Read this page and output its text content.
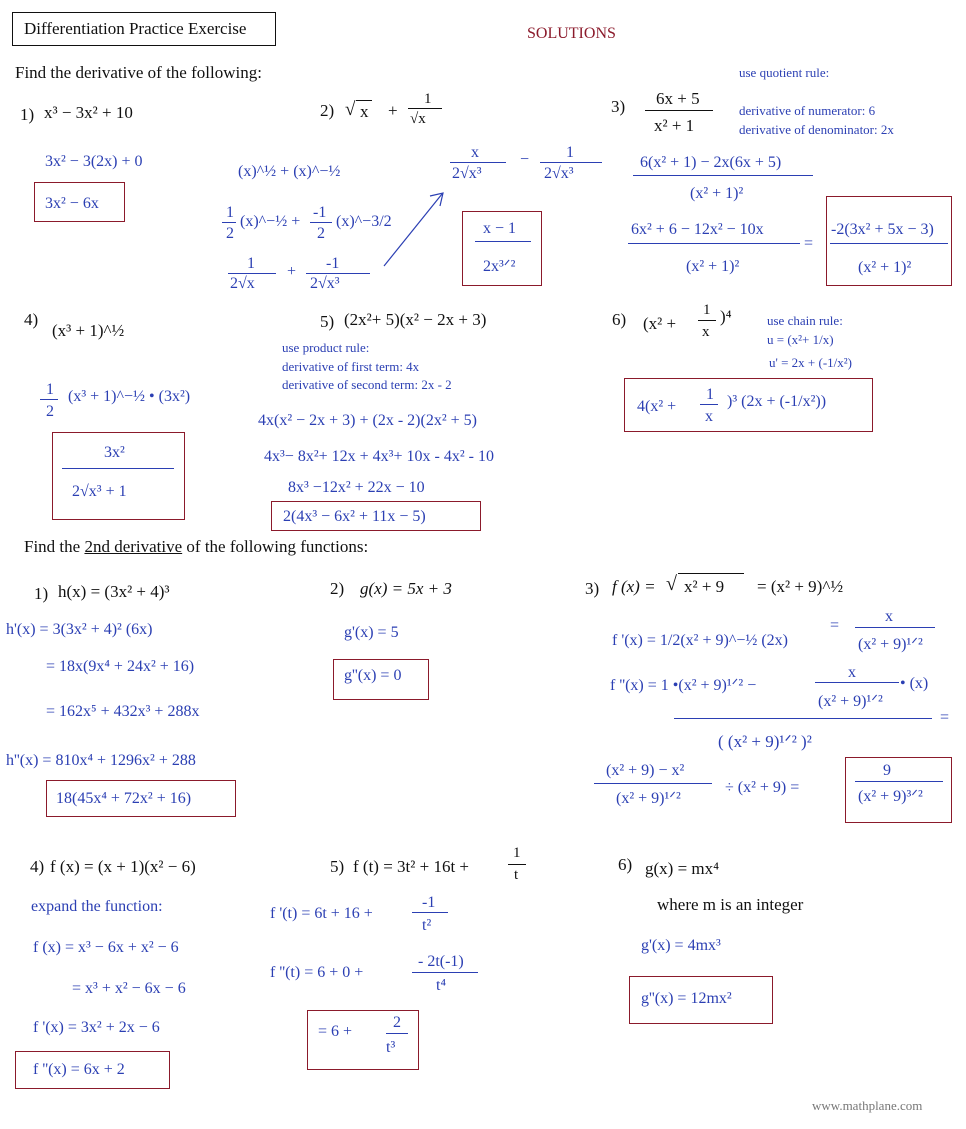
Differentiation Practice Exercise	SOLUTIONS
Find the derivative of the following:
1) x³ − 3x² + 10
3x² − 3(2x) + 0
3x² − 6x
2) √ x +
1
√x
(x)^½ + (x)^−½
1
2
(x)^−½ +
-1
2
(x)^−3/2
1
2√x
+ -1
2√x³
x
2√x³
− 1
2√x³
x − 1
2x³ᐟ²
3) 6x + 5
x² + 1
use quotient rule:
derivative of numerator: 6
derivative of denominator: 2x
6(x² + 1) − 2x(6x + 5)
(x² + 1)²
6x² + 6 − 12x² − 10x
(x² + 1)²
=
-2(3x² + 5x − 3)
(x² + 1)²
4)
(x³ + 1)^½
1
2
(x³ + 1)^−½ • (3x²)
3x²
2√x³ + 1
5) (2x²+ 5)(x² − 2x + 3)
use product rule:
derivative of first term: 4x
derivative of second term: 2x - 2
4x(x² − 2x + 3) + (2x - 2)(2x² + 5)
4x³− 8x²+ 12x + 4x³+ 10x - 4x² - 10
8x³ −12x² + 22x − 10
2(4x³ − 6x² + 11x − 5)
6) (x² +
1
x
)⁴	use chain rule:
u = (x²+ 1/x)
u' = 2x + (-1/x²)
4(x² +
1
x
)³ (2x + (-1/x²))
Find the 2nd derivative of the following functions:
1) h(x) = (3x² + 4)³
h'(x) = 3(3x² + 4)² (6x)
= 18x(9x⁴ + 24x² + 16)
= 162x⁵ + 432x³ + 288x
h''(x) = 810x⁴ + 1296x² + 288
18(45x⁴ + 72x² + 16)
2) g(x) = 5x + 3
g'(x) = 5
g''(x) = 0
3) f (x) = √ x² + 9 = (x² + 9)^½
f '(x) = 1/2(x² + 9)^−½ (2x)
=
x
(x² + 9)¹ᐟ²
f ''(x) = 1 •(x² + 9)¹ᐟ² −
x
(x² + 9)¹ᐟ²
• (x)
=
( (x² + 9)¹ᐟ² )²
(x² + 9) − x²
(x² + 9)¹ᐟ²
÷ (x² + 9) =
9
(x² + 9)³ᐟ²
4) f (x) = (x + 1)(x² − 6)
expand the function:
f (x) = x³ − 6x + x² − 6
= x³ + x² − 6x − 6
f '(x) = 3x² + 2x − 6
f ''(x) = 6x + 2
5) f (t) = 3t² + 16t +
1
t
f '(t) = 6t + 16 +
-1
t²
f ''(t) = 6 + 0 +
- 2t(-1)
t⁴
= 6 +
2
t³
6) g(x) = mx⁴
where m is an integer
g'(x) = 4mx³
g''(x) = 12mx²
www.mathplane.com
